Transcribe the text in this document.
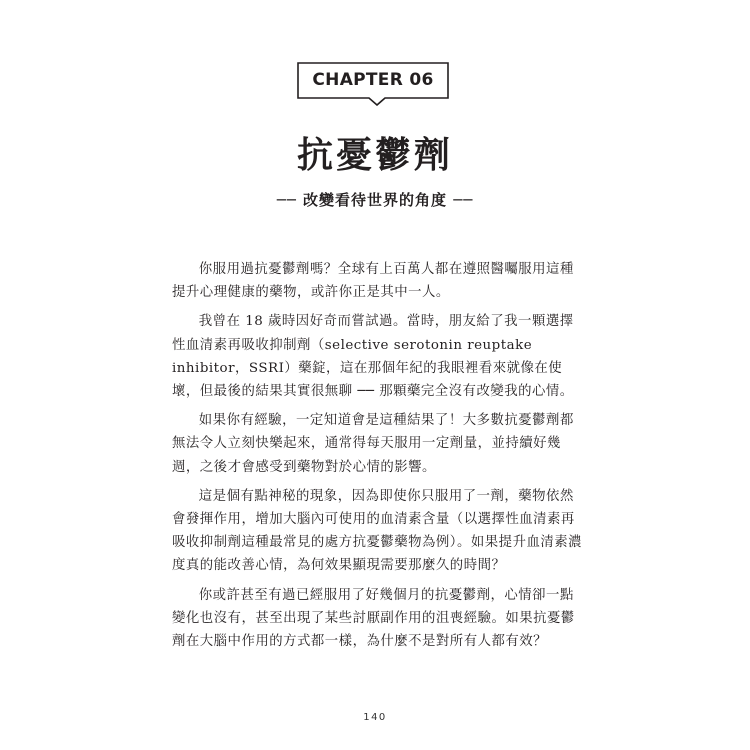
CHAPTER 06
抗憂鬱劑
── 改變看待世界的角度 ──

你服用過抗憂鬱劑嗎？全球有上百萬人都在遵照醫囑服用這種提升心理健康的藥物，或許你正是其中一人。

我曾在 18 歲時因好奇而嘗試過。當時，朋友給了我一顆選擇性血清素再吸收抑制劑（selective serotonin reuptake inhibitor，SSRI）藥錠，這在那個年紀的我眼裡看來就像在使壞，但最後的結果其實很無聊 ── 那顆藥完全沒有改變我的心情。

如果你有經驗，一定知道會是這種結果了！大多數抗憂鬱劑都無法令人立刻快樂起來，通常得每天服用一定劑量，並持續好幾週，之後才會感受到藥物對於心情的影響。

這是個有點神秘的現象，因為即使你只服用了一劑，藥物依然會發揮作用，增加大腦內可使用的血清素含量（以選擇性血清素再吸收抑制劑這種最常見的處方抗憂鬱藥物為例）。如果提升血清素濃度真的能改善心情，為何效果顯現需要那麼久的時間？

你或許甚至有過已經服用了好幾個月的抗憂鬱劑，心情卻一點變化也沒有，甚至出現了某些討厭副作用的沮喪經驗。如果抗憂鬱劑在大腦中作用的方式都一樣，為什麼不是對所有人都有效？

140
